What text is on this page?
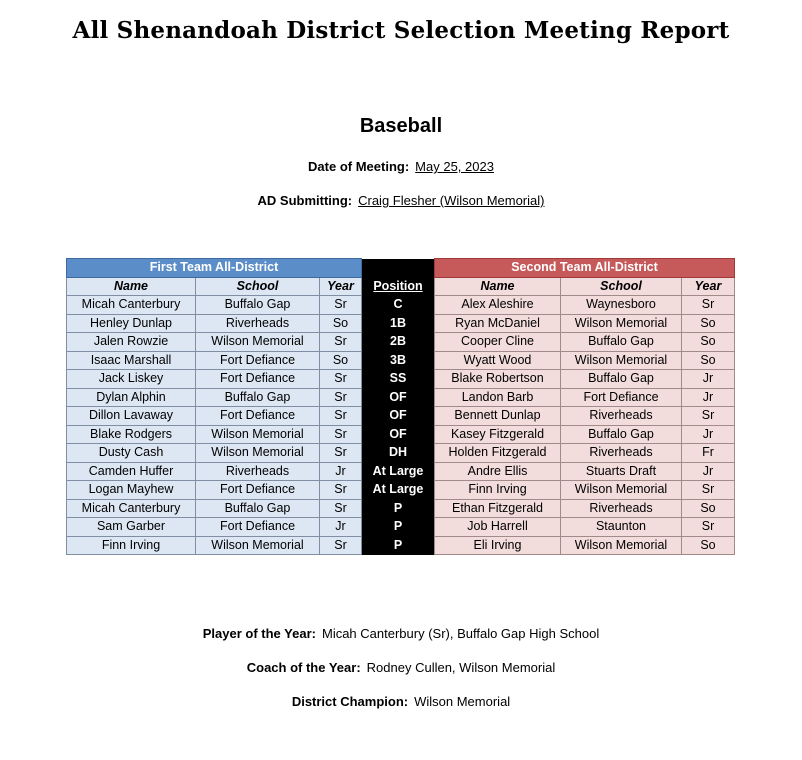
All Shenandoah District Selection Meeting Report
Baseball
Date of Meeting: May 25, 2023
AD Submitting: Craig Flesher (Wilson Memorial)
First Team All-District				Second Team All-District		
Name	School	Year	Position	Name	School	Year
Micah Canterbury	Buffalo Gap	Sr	C	Alex Aleshire	Waynesboro	Sr
Henley Dunlap	Riverheads	So	1B	Ryan McDaniel	Wilson Memorial	So
Jalen Rowzie	Wilson Memorial	Sr	2B	Cooper Cline	Buffalo Gap	So
Isaac Marshall	Fort Defiance	So	3B	Wyatt Wood	Wilson Memorial	So
Jack Liskey	Fort Defiance	Sr	SS	Blake Robertson	Buffalo Gap	Jr
Dylan Alphin	Buffalo Gap	Sr	OF	Landon Barb	Fort Defiance	Jr
Dillon Lavaway	Fort Defiance	Sr	OF	Bennett Dunlap	Riverheads	Sr
Blake Rodgers	Wilson Memorial	Sr	OF	Kasey Fitzgerald	Buffalo Gap	Jr
Dusty Cash	Wilson Memorial	Sr	DH	Holden Fitzgerald	Riverheads	Fr
Camden Huffer	Riverheads	Jr	At Large	Andre Ellis	Stuarts Draft	Jr
Logan Mayhew	Fort Defiance	Sr	At Large	Finn Irving	Wilson Memorial	Sr
Micah Canterbury	Buffalo Gap	Sr	P	Ethan Fitzgerald	Riverheads	So
Sam Garber	Fort Defiance	Jr	P	Job Harrell	Staunton	Sr
Finn Irving	Wilson Memorial	Sr	P	Eli Irving	Wilson Memorial	So
Player of the Year: Micah Canterbury (Sr), Buffalo Gap High School
Coach of the Year: Rodney Cullen, Wilson Memorial
District Champion: Wilson Memorial
